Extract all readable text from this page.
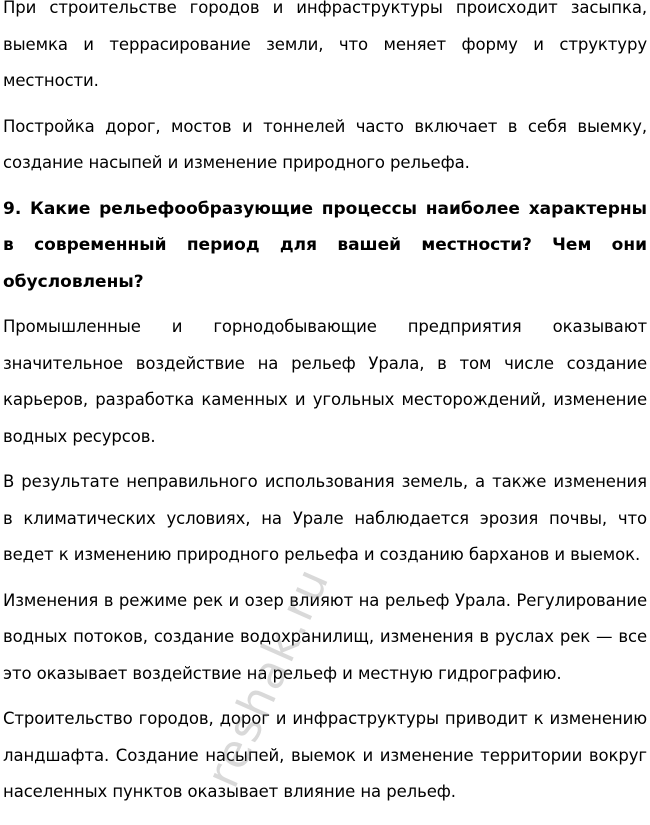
При строительстве городов и инфраструктуры происходит засыпка, выемка и террасирование земли, что меняет форму и структуру местности.

Постройка дорог, мостов и тоннелей часто включает в себя выемку, создание насыпей и изменение природного рельефа.

9. Какие рельефообразующие процессы наиболее характерны в современный период для вашей местности? Чем они обусловлены?

Промышленные и горнодобывающие предприятия оказывают значительное воздействие на рельеф Урала, в том числе создание карьеров, разработка каменных и угольных месторождений, изменение водных ресурсов.

В результате неправильного использования земель, а также изменения в климатических условиях, на Урале наблюдается эрозия почвы, что ведет к изменению природного рельефа и созданию барханов и выемок.

Изменения в режиме рек и озер влияют на рельеф Урала. Регулирование водных потоков, создание водохранилищ, изменения в руслах рек — все это оказывает воздействие на рельеф и местную гидрографию.

Строительство городов, дорог и инфраструктуры приводит к изменению ландшафта. Создание насыпей, выемок и изменение территории вокруг населенных пунктов оказывает влияние на рельеф.

reshak.ru
